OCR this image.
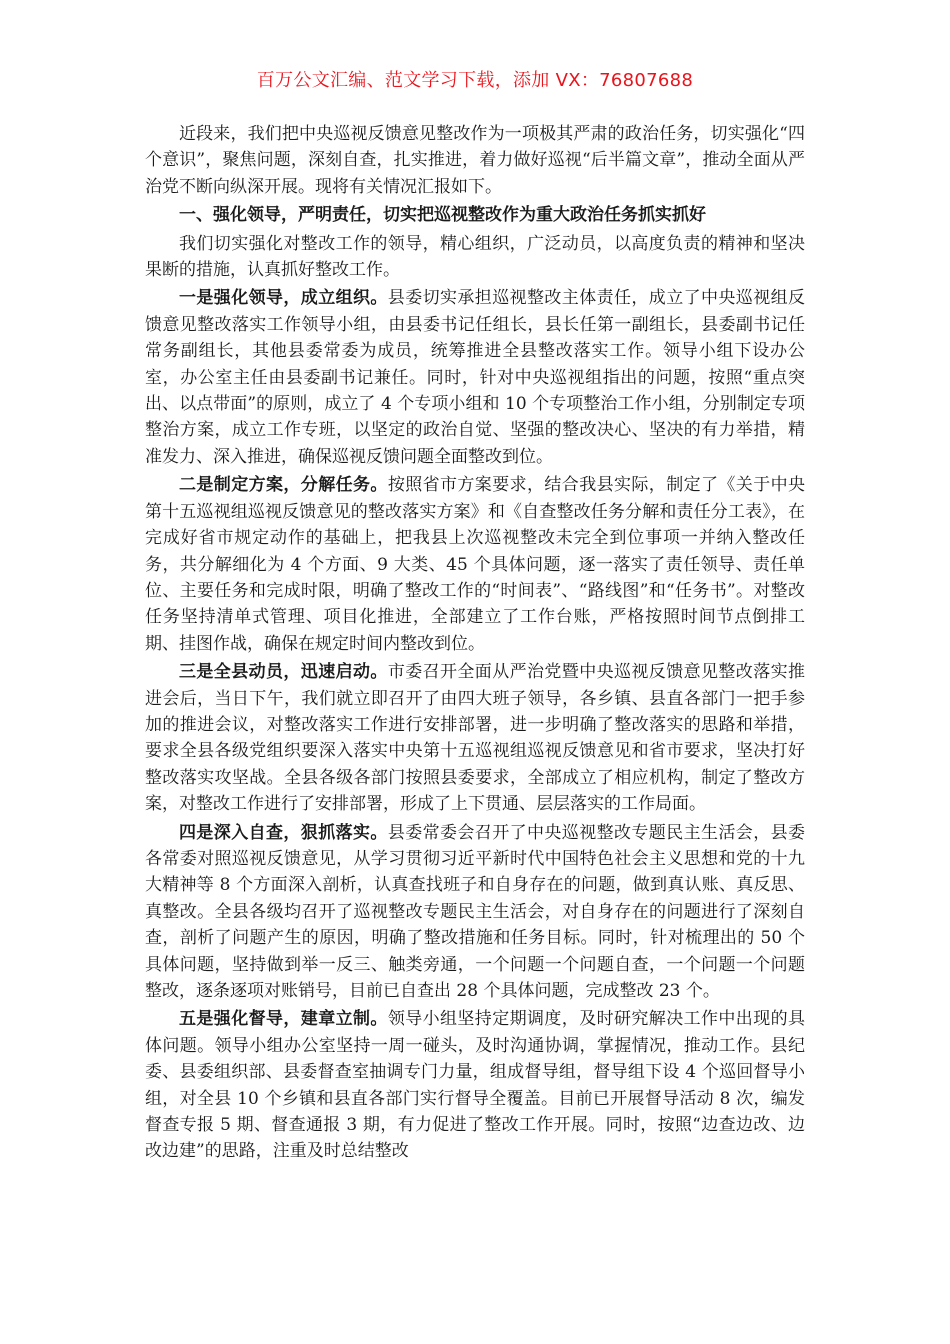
百万公文汇编、范文学习下载，添加 VX：76807688

近段来，我们把中央巡视反馈意见整改作为一项极其严肃的政治任务，切实强化“四个意识”，聚焦问题，深刻自查，扎实推进，着力做好巡视“后半篇文章”，推动全面从严治党不断向纵深开展。现将有关情况汇报如下。

一、强化领导，严明责任，切实把巡视整改作为重大政治任务抓实抓好

我们切实强化对整改工作的领导，精心组织，广泛动员，以高度负责的精神和坚决果断的措施，认真抓好整改工作。

一是强化领导，成立组织。县委切实承担巡视整改主体责任，成立了中央巡视组反馈意见整改落实工作领导小组，由县委书记任组长，县长任第一副组长，县委副书记任常务副组长，其他县委常委为成员，统筹推进全县整改落实工作。领导小组下设办公室，办公室主任由县委副书记兼任。同时，针对中央巡视组指出的问题，按照“重点突出、以点带面”的原则，成立了 4 个专项小组和 10 个专项整治工作小组，分别制定专项整治方案，成立工作专班，以坚定的政治自觉、坚强的整改决心、坚决的有力举措，精准发力、深入推进，确保巡视反馈问题全面整改到位。

二是制定方案，分解任务。按照省市方案要求，结合我县实际，制定了《关于中央第十五巡视组巡视反馈意见的整改落实方案》和《自查整改任务分解和责任分工表》，在完成好省市规定动作的基础上，把我县上次巡视整改未完全到位事项一并纳入整改任务，共分解细化为 4 个方面、9 大类、45 个具体问题，逐一落实了责任领导、责任单位、主要任务和完成时限，明确了整改工作的“时间表”、“路线图”和“任务书”。对整改任务坚持清单式管理、项目化推进，全部建立了工作台账，严格按照时间节点倒排工期、挂图作战，确保在规定时间内整改到位。

三是全县动员，迅速启动。市委召开全面从严治党暨中央巡视反馈意见整改落实推进会后，当日下午，我们就立即召开了由四大班子领导，各乡镇、县直各部门一把手参加的推进会议，对整改落实工作进行安排部署，进一步明确了整改落实的思路和举措，要求全县各级党组织要深入落实中央第十五巡视组巡视反馈意见和省市要求，坚决打好整改落实攻坚战。全县各级各部门按照县委要求，全部成立了相应机构，制定了整改方案，对整改工作进行了安排部署，形成了上下贯通、层层落实的工作局面。

四是深入自查，狠抓落实。县委常委会召开了中央巡视整改专题民主生活会，县委各常委对照巡视反馈意见，从学习贯彻习近平新时代中国特色社会主义思想和党的十九大精神等 8 个方面深入剖析，认真查找班子和自身存在的问题，做到真认账、真反思、真整改。全县各级均召开了巡视整改专题民主生活会，对自身存在的问题进行了深刻自查，剖析了问题产生的原因，明确了整改措施和任务目标。同时，针对梳理出的 50 个具体问题，坚持做到举一反三、触类旁通，一个问题一个问题自查，一个问题一个问题整改，逐条逐项对账销号，目前已自查出 28 个具体问题，完成整改 23 个。

五是强化督导，建章立制。领导小组坚持定期调度，及时研究解决工作中出现的具体问题。领导小组办公室坚持一周一碰头，及时沟通协调，掌握情况，推动工作。县纪委、县委组织部、县委督查室抽调专门力量，组成督导组，督导组下设 4 个巡回督导小组，对全县 10 个乡镇和县直各部门实行督导全覆盖。目前已开展督导活动 8 次，编发督查专报 5 期、督查通报 3 期，有力促进了整改工作开展。同时，按照“边查边改、边改边建”的思路，注重及时总结整改
